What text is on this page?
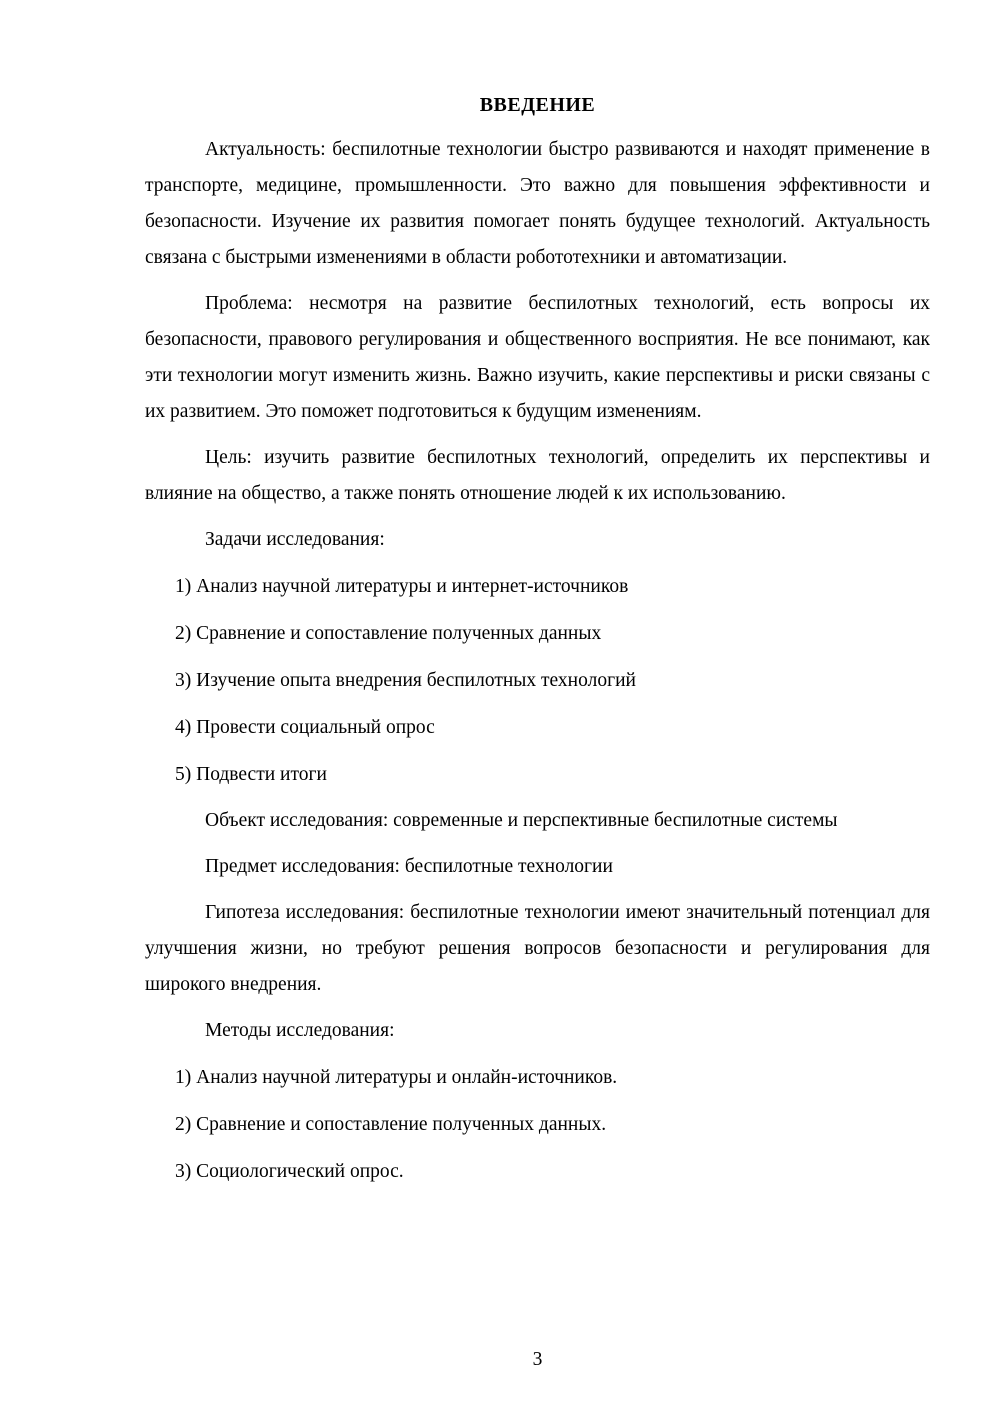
ВВЕДЕНИЕ

Актуальность: беспилотные технологии быстро развиваются и находят применение в транспорте, медицине, промышленности. Это важно для повышения эффективности и безопасности. Изучение их развития помогает понять будущее технологий. Актуальность связана с быстрыми изменениями в области робототехники и автоматизации.

Проблема: несмотря на развитие беспилотных технологий, есть вопросы их безопасности, правового регулирования и общественного восприятия. Не все понимают, как эти технологии могут изменить жизнь. Важно изучить, какие перспективы и риски связаны с их развитием. Это поможет подготовиться к будущим изменениям.

Цель: изучить развитие беспилотных технологий, определить их перспективы и влияние на общество, а также понять отношение людей к их использованию.

Задачи исследования:

1) Анализ научной литературы и интернет-источников

2) Сравнение и сопоставление полученных данных

3) Изучение опыта внедрения беспилотных технологий

4) Провести социальный опрос

5) Подвести итоги

Объект исследования: современные и перспективные беспилотные системы

Предмет исследования: беспилотные технологии

Гипотеза исследования: беспилотные технологии имеют значительный потенциал для улучшения жизни, но требуют решения вопросов безопасности и регулирования для широкого внедрения.

Методы исследования:

1) Анализ научной литературы и онлайн-источников.

2) Сравнение и сопоставление полученных данных.

3) Социологический опрос.

3
